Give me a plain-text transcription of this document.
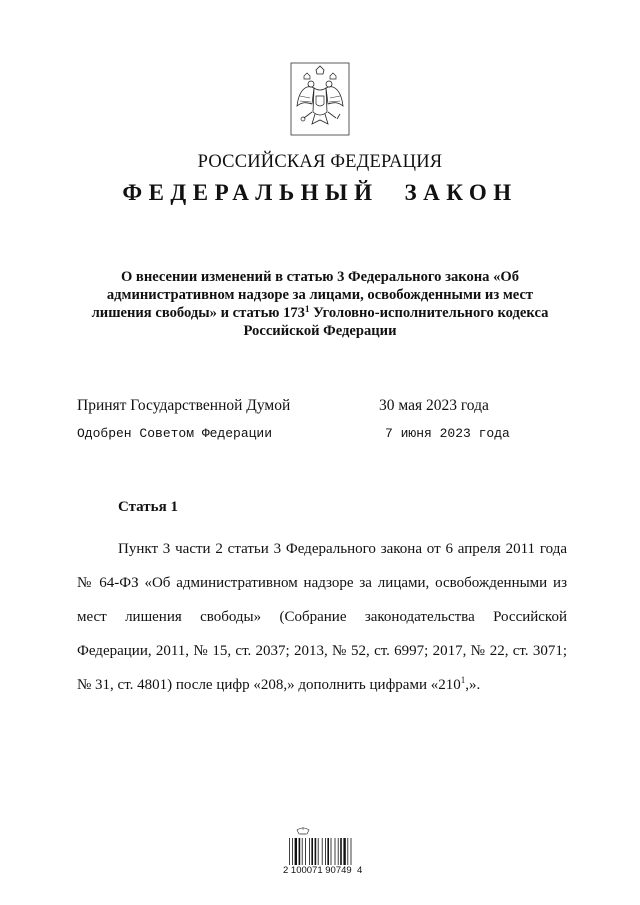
РОССИЙСКАЯ ФЕДЕРАЦИЯ
ФЕДЕРАЛЬНЫЙ ЗАКОН
О внесении изменений в статью 3 Федерального закона «Об
административном надзоре за лицами, освобожденными из мест
лишения свободы» и статью $173^1$ Уголовно-исполнительного кодекса
Российской Федерации
Принят Государственной Думой	30 мая 2023 года
Одобрен Советом Федерации	7 июня 2023 года
Статья 1

Пункт 3 части 2 статьи 3 Федерального закона от 6 апреля 2011 года № 64-ФЗ «Об административном надзоре за лицами, освобожденными из мест лишения свободы» (Собрание законодательства Российской Федерации, 2011, № 15, ст. 2037; 2013, № 52, ст. 6997; 2017, № 22, ст. 3071; № 31, ст. 4801) после цифр «208,» дополнить цифрами «$210^1$,».

2 100071 90749  4
